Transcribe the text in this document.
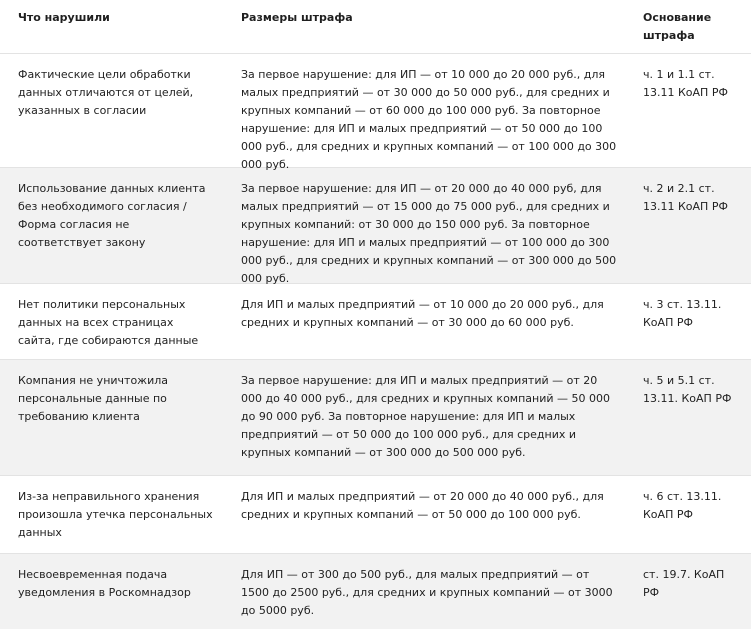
Что нарушили	Размеры штрафа	Основание штрафа
Фактические цели обработки данных отличаются от целей, указанных в согласии
За первое нарушение: для ИП — от 10 000 до 20 000 руб., для малых предприятий — от 30 000 до 50 000 руб., для средних и крупных компаний — от 60 000 до 100 000 руб. За повторное нарушение: для ИП и малых предприятий — от 50 000 до 100 000 руб., для средних и крупных компаний — от 100 000 до 300 000 руб.
ч. 1 и 1.1 ст. 13.11 КоАП РФ
Использование данных клиента без необходимого согласия / Форма согласия не соответствует закону
За первое нарушение: для ИП — от 20 000 до 40 000 руб, для малых предприятий — от 15 000 до 75 000 руб., для средних и крупных компаний: от 30 000 до 150 000 руб. За повторное нарушение: для ИП и малых предприятий — от 100 000 до 300 000 руб., для средних и крупных компаний — от 300 000 до 500 000 руб.
ч. 2 и 2.1 ст. 13.11 КоАП РФ
Нет политики персональных данных на всех страницах сайта, где собираются данные
Для ИП и малых предприятий — от 10 000 до 20 000 руб., для средних и крупных компаний — от 30 000 до 60 000 руб.
ч. 3 ст. 13.11. КоАП РФ
Компания не уничтожила персональные данные по требованию клиента
За первое нарушение: для ИП и малых предприятий — от 20 000 до 40 000 руб., для средних и крупных компаний — 50 000 до 90 000 руб. За повторное нарушение: для ИП и малых предприятий — от 50 000 до 100 000 руб., для средних и крупных компаний — от 300 000 до 500 000 руб.
ч. 5 и 5.1 ст. 13.11. КоАП РФ
Из-за неправильного хранения произошла утечка персональных данных
Для ИП и малых предприятий — от 20 000 до 40 000 руб., для средних и крупных компаний — от 50 000 до 100 000 руб.
ч. 6 ст. 13.11. КоАП РФ
Несвоевременная подача уведомления в Роскомнадзор
Для ИП — от 300 до 500 руб., для малых предприятий — от 1500 до 2500 руб., для средних и крупных компаний — от 3000 до 5000 руб.
ст. 19.7. КоАП РФ
